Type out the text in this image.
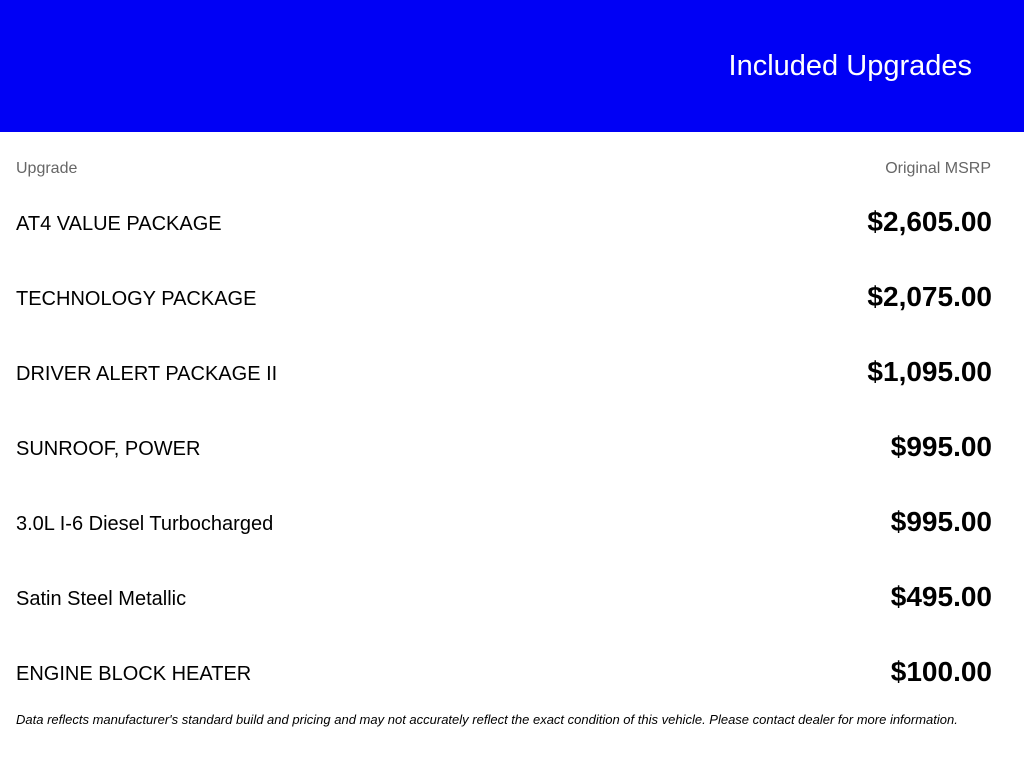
Included Upgrades
Upgrade	Original MSRP
AT4 VALUE PACKAGE	$2,605.00
TECHNOLOGY PACKAGE	$2,075.00
DRIVER ALERT PACKAGE II	$1,095.00
SUNROOF, POWER	$995.00
3.0L I-6 Diesel Turbocharged	$995.00
Satin Steel Metallic	$495.00
ENGINE BLOCK HEATER	$100.00
Data reflects manufacturer's standard build and pricing and may not accurately reflect the exact condition of this vehicle. Please contact dealer for more information.
